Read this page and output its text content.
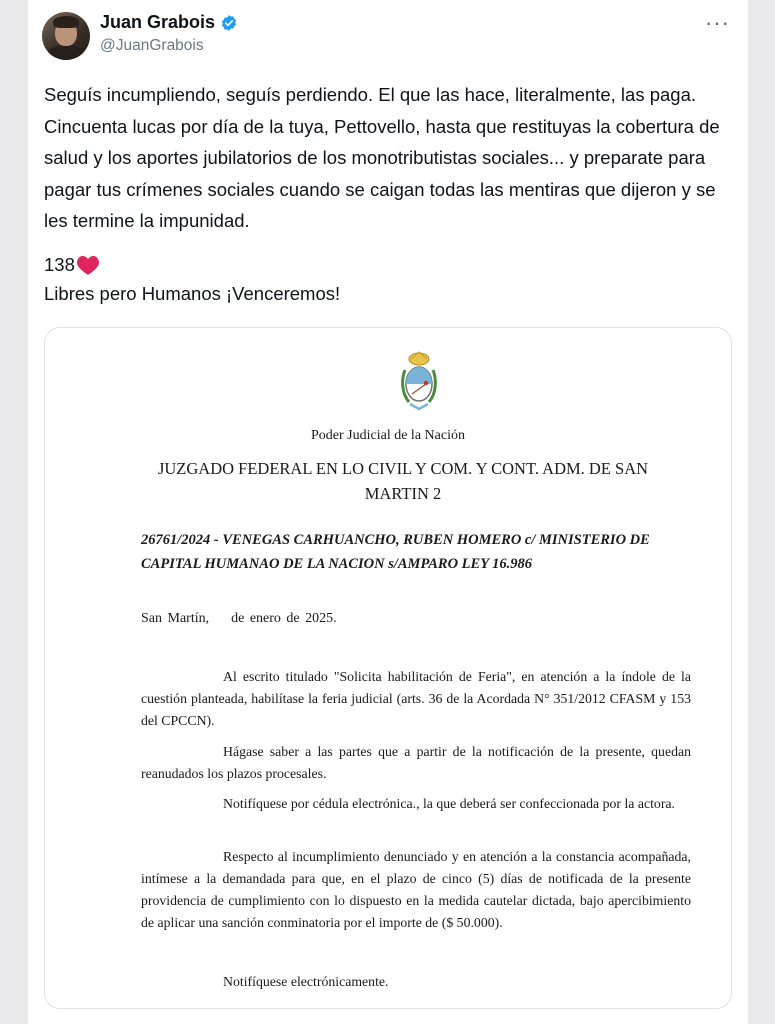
Juan Grabois
@JuanGrabois
···
Seguís incumpliendo, seguís perdiendo. El que las hace, literalmente, las paga. Cincuenta lucas por día de la tuya, Pettovello, hasta que restituyas la cobertura de salud y los aportes jubilatorios de los monotributistas sociales... y preparate para pagar tus crímenes sociales cuando se caigan todas las mentiras que dijeron y se les termine la impunidad.
138
Libres pero Humanos ¡Venceremos!
Poder Judicial de la Nación
JUZGADO FEDERAL EN LO CIVIL Y COM. Y CONT. ADM. DE SAN MARTIN 2
26761/2024 - VENEGAS CARHUANCHO, RUBEN HOMERO c/ MINISTERIO DE CAPITAL HUMANAO DE LA NACION s/AMPARO LEY 16.986
San Martín,    de enero de 2025.
Al escrito titulado "Solicita habilitación de Feria", en atención a la índole de la cuestión planteada, habilítase la feria judicial (arts. 36 de la Acordada N° 351/2012 CFASM y 153 del CPCCN).
Hágase saber a las partes que a partir de la notificación de la presente, quedan reanudados los plazos procesales.
Notifíquese por cédula electrónica., la que deberá ser confeccionada por la actora.
Respecto al incumplimiento denunciado y en atención a la constancia acompañada, intímese a la demandada para que, en el plazo de cinco (5) días de notificada de la presente providencia de cumplimiento con lo dispuesto en la medida cautelar dictada, bajo apercibimiento de aplicar una sanción conminatoria por el importe de ($ 50.000).
Notifíquese electrónicamente.
